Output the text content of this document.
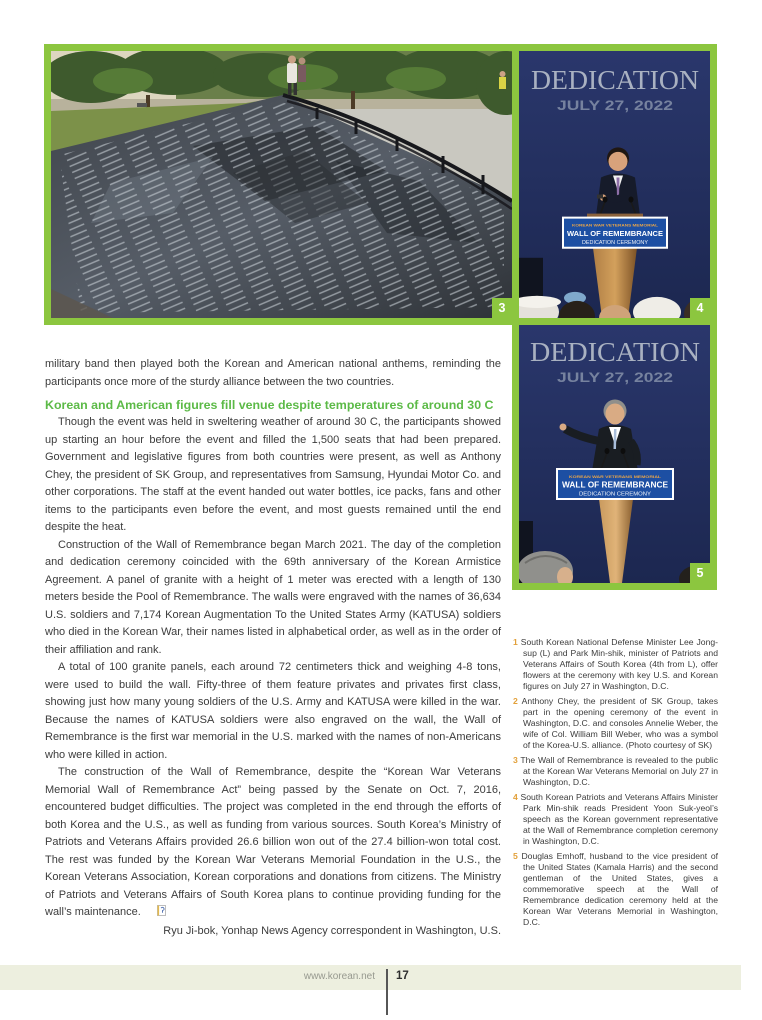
3
DEDICATION
JULY 27, 2022
KOREAN WAR VETERANS MEMORIAL
WALL OF REMEMBRANCE
DEDICATION CEREMONY
4
DEDICATION
JULY 27, 2022
KOREAN WAR VETERANS MEMORIAL
WALL OF REMEMBRANCE
DEDICATION CEREMONY
5

military band then played both the Korean and American national anthems, reminding the participants once more of the sturdy alliance between the two countries.

Korean and American figures fill venue despite temperatures of around 30 C

Though the event was held in sweltering weather of around 30 C, the participants showed up starting an hour before the event and filled the 1,500 seats that had been prepared. Government and legislative figures from both countries were present, as well as Anthony Chey, the president of SK Group, and representatives from Samsung, Hyundai Motor Co. and other corporations. The staff at the event handed out water bottles, ice packs, fans and other items to the participants even before the event, and most guests remained until the end despite the heat.

Construction of the Wall of Remembrance began March 2021. The day of the completion and dedication ceremony coincided with the 69th anniversary of the Korean Armistice Agreement. A panel of granite with a height of 1 meter was erected with a length of 130 meters beside the Pool of Remembrance. The walls were engraved with the names of 36,634 U.S. soldiers and 7,174 Korean Augmentation To the United States Army (KATUSA) soldiers who died in the Korean War, their names listed in alphabetical order, as well as in the order of their affiliation and rank.

A total of 100 granite panels, each around 72 centimeters thick and weighing 4-8 tons, were used to build the wall. Fifty-three of them feature privates and privates first class, showing just how many young soldiers of the U.S. Army and KATUSA were killed in the war. Because the names of KATUSA soldiers were also engraved on the wall, the Wall of Remembrance is the first war memorial in the U.S. marked with the names of non-Americans who were killed in action.

The construction of the Wall of Remembrance, despite the “Korean War Veterans Memorial Wall of Remembrance Act” being passed by the Senate on Oct. 7, 2016, encountered budget difficulties. The project was completed in the end through the efforts of both Korea and the U.S., as well as funding from various sources. South Korea’s Ministry of Patriots and Veterans Affairs provided 26.6 billion won out of the 27.4 billion-won total cost. The rest was funded by the Korean War Veterans Memorial Foundation in the U.S., the Korean Veterans Association, Korean corporations and donations from citizens. The Ministry of Patriots and Veterans Affairs of South Korea plans to continue providing funding for the wall’s maintenance.

Ryu Ji-bok, Yonhap News Agency correspondent in Washington, U.S.

1 South Korean National Defense Minister Lee Jong-sup (L) and Park Min-shik, minister of Patriots and Veterans Affairs of South Korea (4th from L), offer flowers at the ceremony with key U.S. and Korean figures on July 27 in Washington, D.C.

2 Anthony Chey, the president of SK Group, takes part in the opening ceremony of the event in Washington, D.C. and consoles Annelie Weber, the wife of Col. William Bill Weber, who was a symbol of the Korea-U.S. alliance. (Photo courtesy of SK)

3 The Wall of Remembrance is revealed to the public at the Korean War Veterans Memorial on July 27 in Washington, D.C.

4 South Korean Patriots and Veterans Affairs Minister Park Min-shik reads President Yoon Suk-yeol’s speech as the Korean government representative at the Wall of Remembrance completion ceremony in Washington, D.C.

5 Douglas Emhoff, husband to the vice president of the United States (Kamala Harris) and the second gentleman of the United States, gives a commemorative speech at the Wall of Remembrance dedication ceremony held at the Korean War Veterans Memorial in Washington, D.C.

www.korean.net 17
